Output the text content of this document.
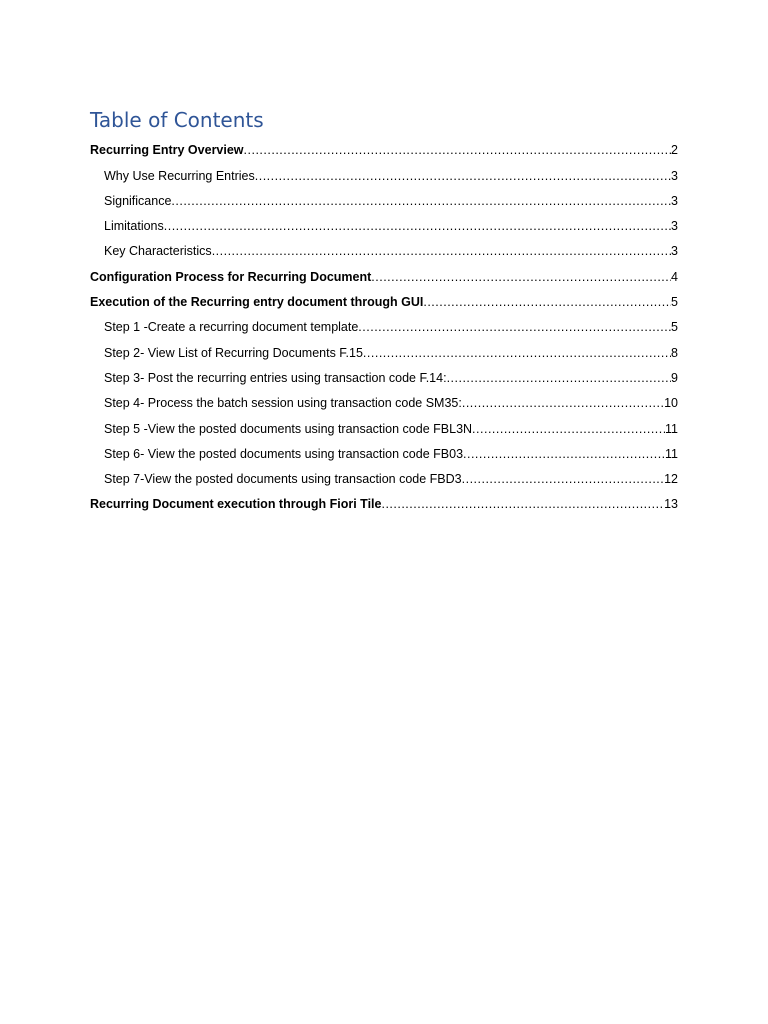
Table of Contents
Recurring Entry Overview .....	2
Why Use Recurring Entries .....	3
Significance .....	3
Limitations .....	3
Key Characteristics .....	3
Configuration Process for Recurring Document .....	4
Execution of the Recurring entry document through GUI .....	5
Step 1 -Create a recurring document template .....	5
Step 2- View List of Recurring Documents F.15 .....	8
Step 3- Post the recurring entries using transaction code F.14: .....	9
Step 4- Process the batch session using transaction code SM35: .....	10
Step 5 -View the posted documents using transaction code FBL3N .....	11
Step 6- View the posted documents using transaction code FB03 .....	11
Step 7-View the posted documents using transaction code FBD3 .....	12
Recurring Document execution through Fiori Tile .....	13
